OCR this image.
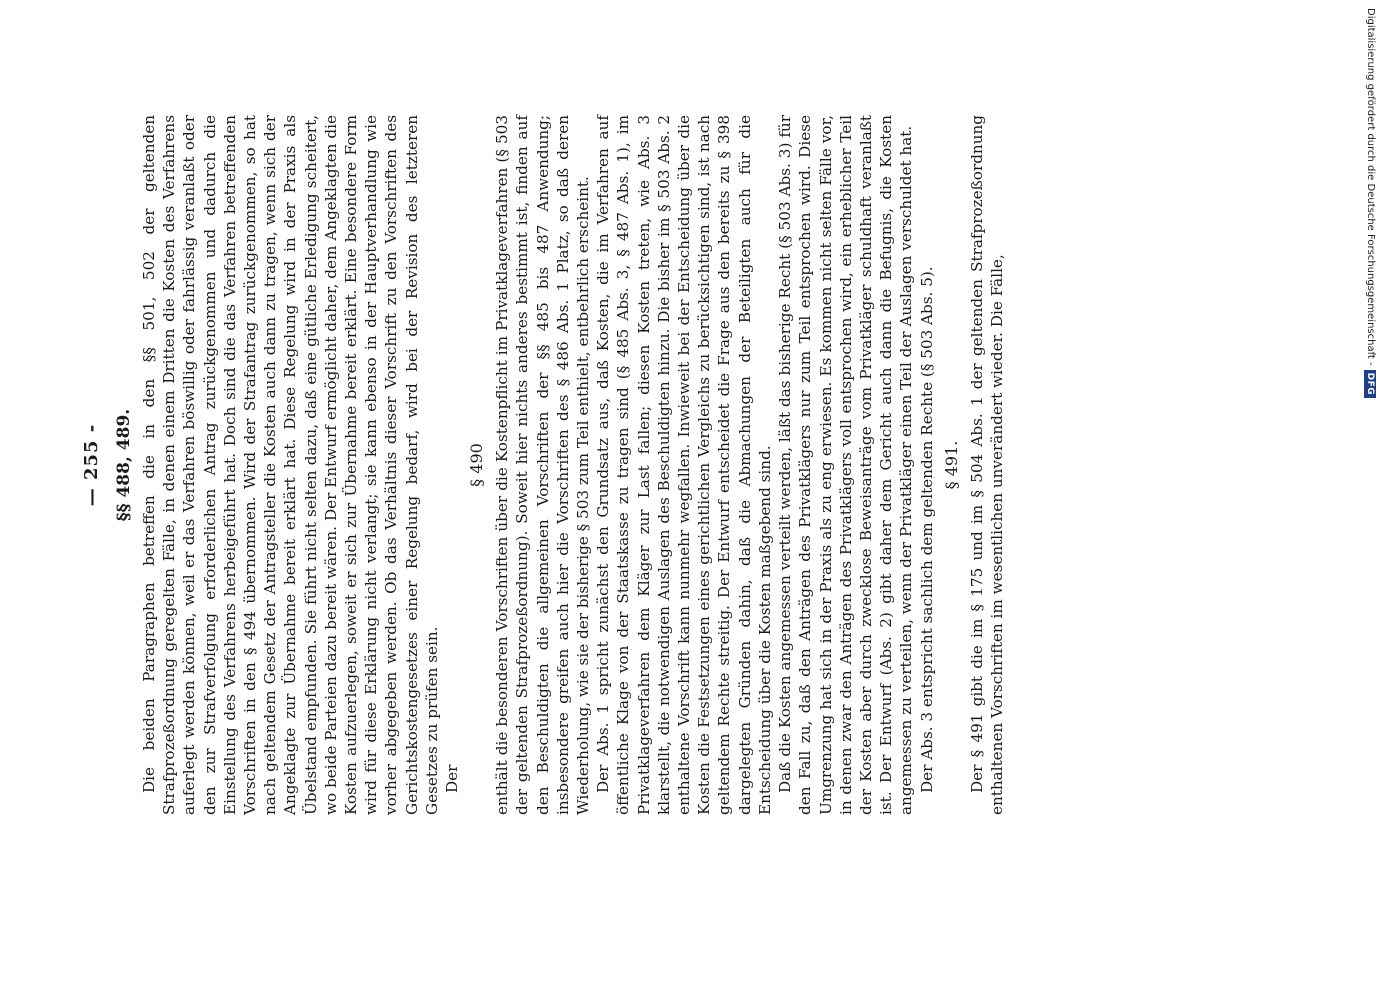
— 255 - §§ 488, 489. Die beiden Paragraphen betreffen die in den §§ 501, 502 der geltenden Strafprozeßordnung geregelten Fälle, in denen einem Dritten die Kosten des Verfahrens auferlegt werden können, weil er das Verfahren böswillig oder fahrlässig veranlaßt oder den zur Strafverfolgung erforderlichen Antrag zurückgenommen und dadurch die Einstellung des Verfahrens herbeigeführt hat. Doch sind die das Verfahren betreffenden Vorschriften in den § 494 übernommen. Wird der Strafantrag zurückgenommen, so hat nach geltendem Gesetz der Antragsteller die Kosten auch dann zu tragen, wenn sich der Angeklagte zur Übernahme bereit erklärt hat. Diese Regelung wird in der Praxis als Übelstand empfunden. Sie führt nicht selten dazu, daß eine gütliche Erledigung scheitert, wo beide Parteien dazu bereit wären. Der Entwurf ermöglicht daher, dem Angeklagten die Kosten aufzuerlegen, soweit er sich zur Übernahme bereit erklärt. Eine besondere Form wird für diese Erklärung nicht verlangt; sie kann ebenso in der Hauptverhandlung wie vorher abgegeben werden. Ob das Verhältnis dieser Vorschrift zu den Vorschriften des Gerichtskostengesetzes einer Regelung bedarf, wird bei der Revision des letzteren Gesetzes zu prüfen sein. Der

§ 490 enthält die besonderen Vorschriften über die Kostenpflicht im Privatklageverfahren (§ 503 der geltenden Strafprozeßordnung). Soweit hier nichts anderes bestimmt ist, finden auf den Beschuldigten die allgemeinen Vorschriften der §§ 485 bis 487 Anwendung; insbesondere greifen auch hier die Vorschriften des § 486 Abs. 1 Platz, so daß deren Wiederholung, wie sie der bisherige § 503 zum Teil enthielt, entbehrlich erscheint. Der Abs. 1 spricht zunächst den Grundsatz aus, daß Kosten, die im Verfahren auf öffentliche Klage von der Staatskasse zu tragen sind (§ 485 Abs. 3, § 487 Abs. 1), im Privatklageverfahren dem Kläger zur Last fallen; diesen Kosten treten, wie Abs. 3 klarstellt, die notwendigen Auslagen des Beschuldigten hinzu. Die bisher im § 503 Abs. 2 enthaltene Vorschrift kann nunmehr wegfallen. Inwieweit bei der Entscheidung über die Kosten die Festsetzungen eines gerichtlichen Vergleichs zu berücksichtigen sind, ist nach geltendem Rechte streitig. Der Entwurf entscheidet die Frage aus den bereits zu § 398 dargelegten Gründen dahin, daß die Abmachungen der Beteiligten auch für die Entscheidung über die Kosten maßgebend sind. Daß die Kosten angemessen verteilt werden, läßt das bisherige Recht (§ 503 Abs. 3) für den Fall zu, daß den Anträgen des Privatklägers nur zum Teil entsprochen wird. Diese Umgrenzung hat sich in der Praxis als zu eng erwiesen. Es kommen nicht selten Fälle vor, in denen zwar den Anträgen des Privatklägers voll entsprochen wird, ein erheblicher Teil der Kosten aber durch zwecklose Beweisanträge vom Privatkläger schuldhaft veranlaßt ist. Der Entwurf (Abs. 2) gibt daher dem Gericht auch dann die Befugnis, die Kosten angemessen zu verteilen, wenn der Privatkläger einen Teil der Auslagen verschuldet hat. Der Abs. 3 entspricht sachlich dem geltenden Rechte (§ 503 Abs. 5). § 491. Der § 491 gibt die im § 175 und im § 504 Abs. 1 der geltenden Strafprozeßordnung enthaltenen Vorschriften im wesentlichen unverändert wieder. Die Fälle,

Digitalisierung gefördert durch die Deutsche Forschungsgemeinschaft -DFG
